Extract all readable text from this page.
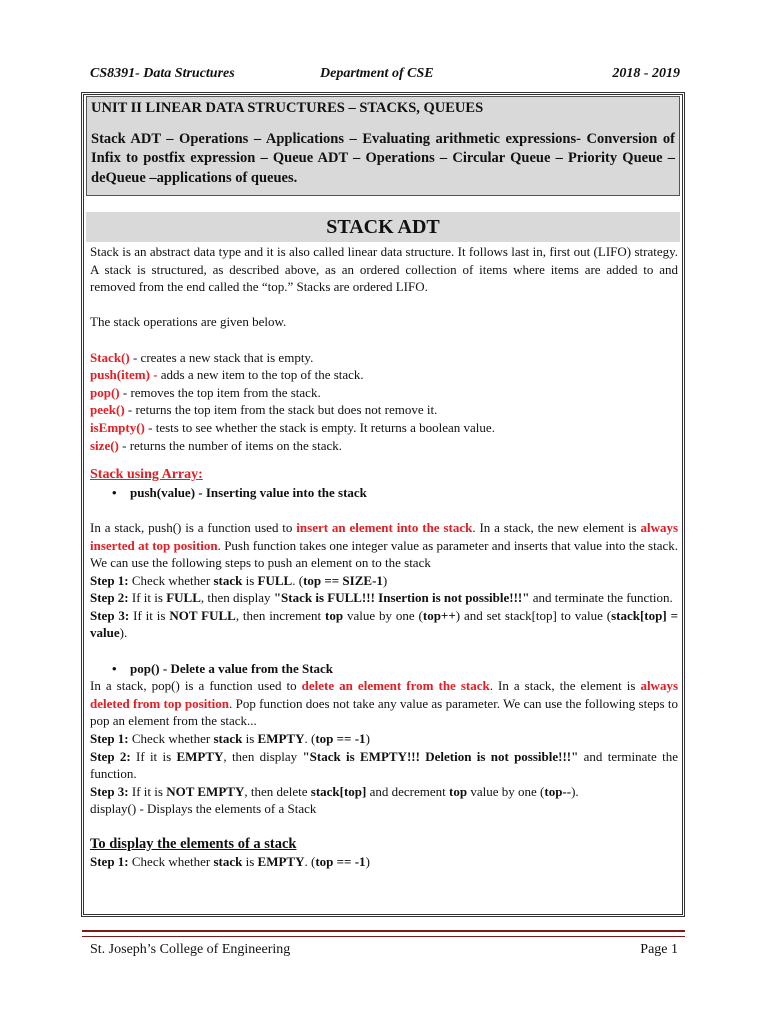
CS8391- Data Structures	Department of CSE	2018 - 2019
UNIT II LINEAR DATA STRUCTURES – STACKS, QUEUES
Stack ADT – Operations – Applications – Evaluating arithmetic expressions- Conversion of Infix to postfix expression – Queue ADT – Operations – Circular Queue – Priority Queue – deQueue –applications of queues.
STACK ADT

Stack is an abstract data type and it is also called linear data structure. It follows last in, first out (LIFO) strategy. A stack is structured, as described above, as an ordered collection of items where items are added to and removed from the end called the “top.” Stacks are ordered LIFO.

The stack operations are given below.

Stack() - creates a new stack that is empty.
push(item) - adds a new item to the top of the stack.
pop() - removes the top item from the stack.
peek() - returns the top item from the stack but does not remove it.
isEmpty() - tests to see whether the stack is empty. It returns a boolean value.
size() - returns the number of items on the stack.

Stack using Array:

• push(value) - Inserting value into the stack

In a stack, push() is a function used to insert an element into the stack. In a stack, the new element is always inserted at top position. Push function takes one integer value as parameter and inserts that value into the stack. We can use the following steps to push an element on to the stack

Step 1: Check whether stack is FULL. (top == SIZE-1)

Step 2: If it is FULL, then display "Stack is FULL!!! Insertion is not possible!!!" and terminate the function.

Step 3: If it is NOT FULL, then increment top value by one (top++) and set stack[top] to value (stack[top] = value).

• pop() - Delete a value from the Stack

In a stack, pop() is a function used to delete an element from the stack. In a stack, the element is always deleted from top position. Pop function does not take any value as parameter. We can use the following steps to pop an element from the stack...

Step 1: Check whether stack is EMPTY. (top == -1)

Step 2: If it is EMPTY, then display "Stack is EMPTY!!! Deletion is not possible!!!" and terminate the function.

Step 3: If it is NOT EMPTY, then delete stack[top] and decrement top value by one (top--).

display() - Displays the elements of a Stack

To display the elements of a stack

Step 1: Check whether stack is EMPTY. (top == -1)

St. Joseph’s College of Engineering	Page 1
